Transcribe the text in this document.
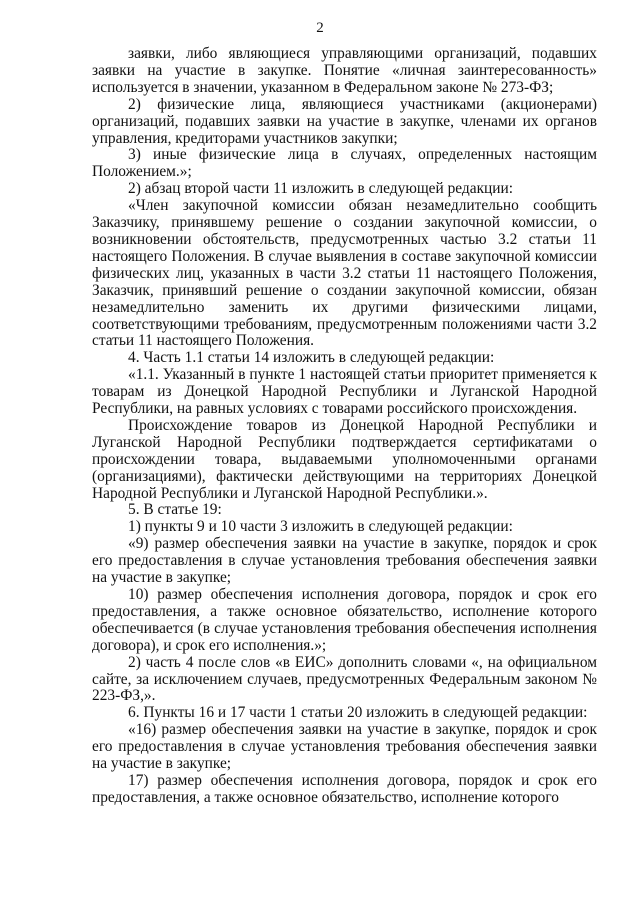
2

заявки, либо являющиеся управляющими организаций, подавших заявки на участие в закупке. Понятие «личная заинтересованность» используется в значении, указанном в Федеральном законе № 273-ФЗ;

2) физические лица, являющиеся участниками (акционерами) организаций, подавших заявки на участие в закупке, членами их органов управления, кредиторами участников закупки;

3) иные физические лица в случаях, определенных настоящим Положением.»;

2) абзац второй части 11 изложить в следующей редакции:

«Член закупочной комиссии обязан незамедлительно сообщить Заказчику, принявшему решение о создании закупочной комиссии, о возникновении обстоятельств, предусмотренных частью 3.2 статьи 11 настоящего Положения. В случае выявления в составе закупочной комиссии физических лиц, указанных в части 3.2 статьи 11 настоящего Положения, Заказчик, принявший решение о создании закупочной комиссии, обязан незамедлительно заменить их другими физическими лицами, соответствующими требованиям, предусмотренным положениями части 3.2 статьи 11 настоящего Положения.

4. Часть 1.1 статьи 14 изложить в следующей редакции:

«1.1. Указанный в пункте 1 настоящей статьи приоритет применяется к товарам из Донецкой Народной Республики и Луганской Народной Республики, на равных условиях с товарами российского происхождения.

Происхождение товаров из Донецкой Народной Республики и Луганской Народной Республики подтверждается сертификатами о происхождении товара, выдаваемыми уполномоченными органами (организациями), фактически действующими на территориях Донецкой Народной Республики и Луганской Народной Республики.».

5. В статье 19:

1) пункты 9 и 10 части 3 изложить в следующей редакции:

«9) размер обеспечения заявки на участие в закупке, порядок и срок его предоставления в случае установления требования обеспечения заявки на участие в закупке;

10) размер обеспечения исполнения договора, порядок и срок его предоставления, а также основное обязательство, исполнение которого обеспечивается (в случае установления требования обеспечения исполнения договора), и срок его исполнения.»;

2) часть 4 после слов «в ЕИС» дополнить словами «, на официальном сайте, за исключением случаев, предусмотренных Федеральным законом № 223-ФЗ,».

6. Пункты 16 и 17 части 1 статьи 20 изложить в следующей редакции:

«16) размер обеспечения заявки на участие в закупке, порядок и срок его предоставления в случае установления требования обеспечения заявки на участие в закупке;

17) размер обеспечения исполнения договора, порядок и срок его предоставления, а также основное обязательство, исполнение которого
